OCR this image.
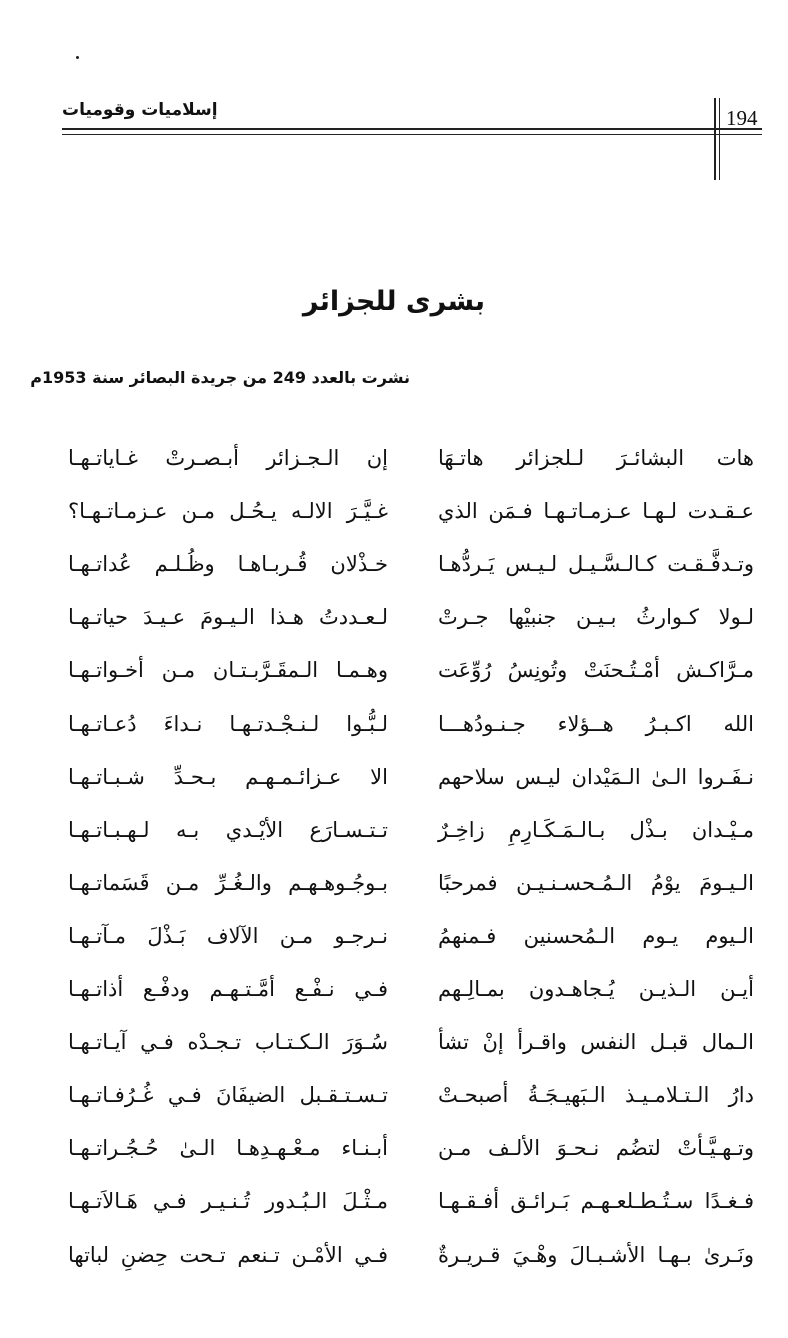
إسلاميات وقوميات	194
بشرى للجزائر
نشرت بالعدد 249 من جريدة البصائر سنة 1953م
هات البشائـرَ لـلجزائر هاتـهَا
إن الـجـزائر أبـصـرتْ غـاياتـهـا
عـقـدت لـهـا عـزمـاتـهـا فـمَن الذي
غـيَّـرَ الالـه يـحُـل مـن عـزمـاتـهـا؟
وتـدفَّـقـت كـالـسَّـيـل لـيـس يَـردُّهـا
خـذْلان قُـربـاهـا وظُـلـم عُداتـهـا
لـولا كـوارثُ بـيـن جنبيْها جـرتْ
لـعـددتُ هـذا الـيـومَ عـيـدَ حياتـهـا
مـرَّاكـش أمْـتُـحنَتْ وتُونِسُ رُوِّعَت
وهـمـا الـمقَـرَّبـتـان مـن أخـواتـهـا
الله اكـبـرُ هــؤلاء جـنـودُهـــا
لـبُّـوا لـنـجْـدتـهـا نـداءَ دُعـاتـهـا
نـفَـروا الـىٰ الـمَيْدان ليـس سلاحهم
الا عـزائـمـهـم بـحـدِّ شـبـاتـهـا
مـيْـدان بـذْل بـالـمَـكَـارِمِ زاخِـرٌ
تـتـسـارَع الأيْـدي بـه لـهـبـاتـهـا
الـيـومَ يوْمُ الـمُـحسـنـيـن فمرحبًا
بـوجُـوهـهـم والـغُـرِّ مـن قَسَماتـهـا
الـيوم يـوم الـمُحسنين فـمنهمُ
نـرجـو مـن الآلاف بَـذْلَ مـآتـهـا
أيـن الـذيـن يُـجاهـدون بمـالِـهم
فـي نـفْـع أمَّـتـهـم ودفْـع أذاتـهـا
الـمال قبـل النفس واقـرأ إنْ تشأ
سُـوَرَ الـكـتـاب تـجـدْه فـي آيـاتـهـا
دارُ الـتـلامـيـذ الـبَهيـجَـةُ أصبحـتْ
تـسـتـقـبل الضيفَانَ فـي غُـرُفـاتـهـا
وتـهـيَّـأتْ لتضُم نـحـوَ الألـف مـن
أبـنـاء مـعْـهـدِهـا الـىٰ حُـجُـراتـهـا
فـغـدًا سـتُـطـلعـهـم بَـرائـق أفـقـهـا
مـثْـلَ الـبُـدور تُـنـيـر فـي هَـالاَتـهـا
ونَـرىٰ بـهـا الأشـبـالَ وهْـيَ قـريـرةٌ
فـي الأمْـن تـنعم تـحت حِضنِ لباتها
